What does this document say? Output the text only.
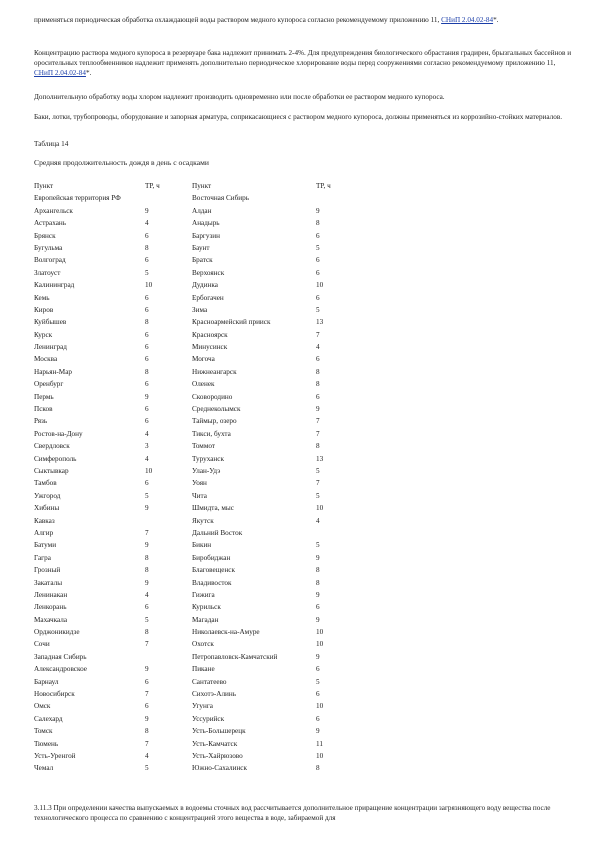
применяться периодическая обработка охлаждающей воды раствором медного купороса согласно рекомендуемому приложению 11, СНиП 2.04.02-84*.

Концентрацию раствора медного купороса в резервуаре бака надлежит принимать 2-4%. Для предупреждения биологического обрастания градирен, брызгальных бассейнов и оросительных теплообменников надлежит применять дополнительно периодическое хлорирование воды перед сооружениями согласно рекомендуемому приложению 11, СНиП 2.04.02-84*.

Дополнительную обработку воды хлором надлежит производить одновременно или после обработки ее раствором медного купороса.

Баки, лотки, трубопроводы, оборудование и запорная арматура, соприкасающиеся с раствором медного купороса, должны применяться из коррозийно-стойких материалов.

Таблица 14
Средняя продолжительность дождя в день с осадками
Пункт	ТР, ч
Европейская территория РФ
Архангельск	9
Астрахань	4
Брянск	6
Бугульма	8
Волгоград	6
Златоуст	5
Калининград	10
Кемь	6
Киров	6
Куйбышев	8
Курск	6
Ленинград	6
Москва	6
Нарьян-Мар	8
Оренбург	6
Пермь	9
Псков	6
Рязь	6
Ростов-на-Дону	4
Свердловск	3
Симферополь	4
Сыктывкар	10
Тамбов	6
Ужгород	5
Хибины	9
Кавказ
Алгир	7
Батуми	9
Гагра	8
Грозный	8
Закаталы	9
Ленинакан	4
Ленкорань	6
Махачкала	5
Орджоникидзе	8
Сочи	7
Западная Сибирь
Александровское	9
Барнаул	6
Новосибирск	7
Омск	6
Салехард	9
Томск	8
Тюмень	7
Усть-Уренгой	4
Чемал	5
Пункт	ТР, ч
Восточная Сибирь
Алдан	9
Анадырь	8
Баргузин	6
Баунт	5
Братск	6
Верхоянск	6
Дудинка	10
Ербогачен	6
Зима	5
Красноармейский прииск	13
Красноярск	7
Минусинск	4
Могоча	6
Нижнеангарск	8
Оленек	8
Сковородино	6
Среднеколымск	9
Таймыр, озеро	7
Тикси, бухта	7
Томмот	8
Туруханск	13
Улан-Удэ	5
Уоян	7
Чита	5
Шмидта, мыс	10
Якутск	4
Дальний Восток
Бикин	5
Биробиджан	9
Благовещенск	8
Владивосток	8
Гижига	9
Курильск	6
Магадан	9
Николаевск-на-Амуре	10
Охотск	10
Петропавловск-Камчатский	9
Пикане	6
Сантатеево	5
Сихотэ-Алинь	6
Угунга	10
Уссурийск	6
Усть-Большерецк	9
Усть-Камчатск	11
Усть-Хайрюзово	10
Южно-Сахалинск	8

3.11.3 При определении качества выпускаемых в водоемы сточных вод рассчитывается дополнительное приращение концентрации загрязняющего воду вещества после технологического процесса по сравнению с концентрацией этого вещества в воде, забираемой для
